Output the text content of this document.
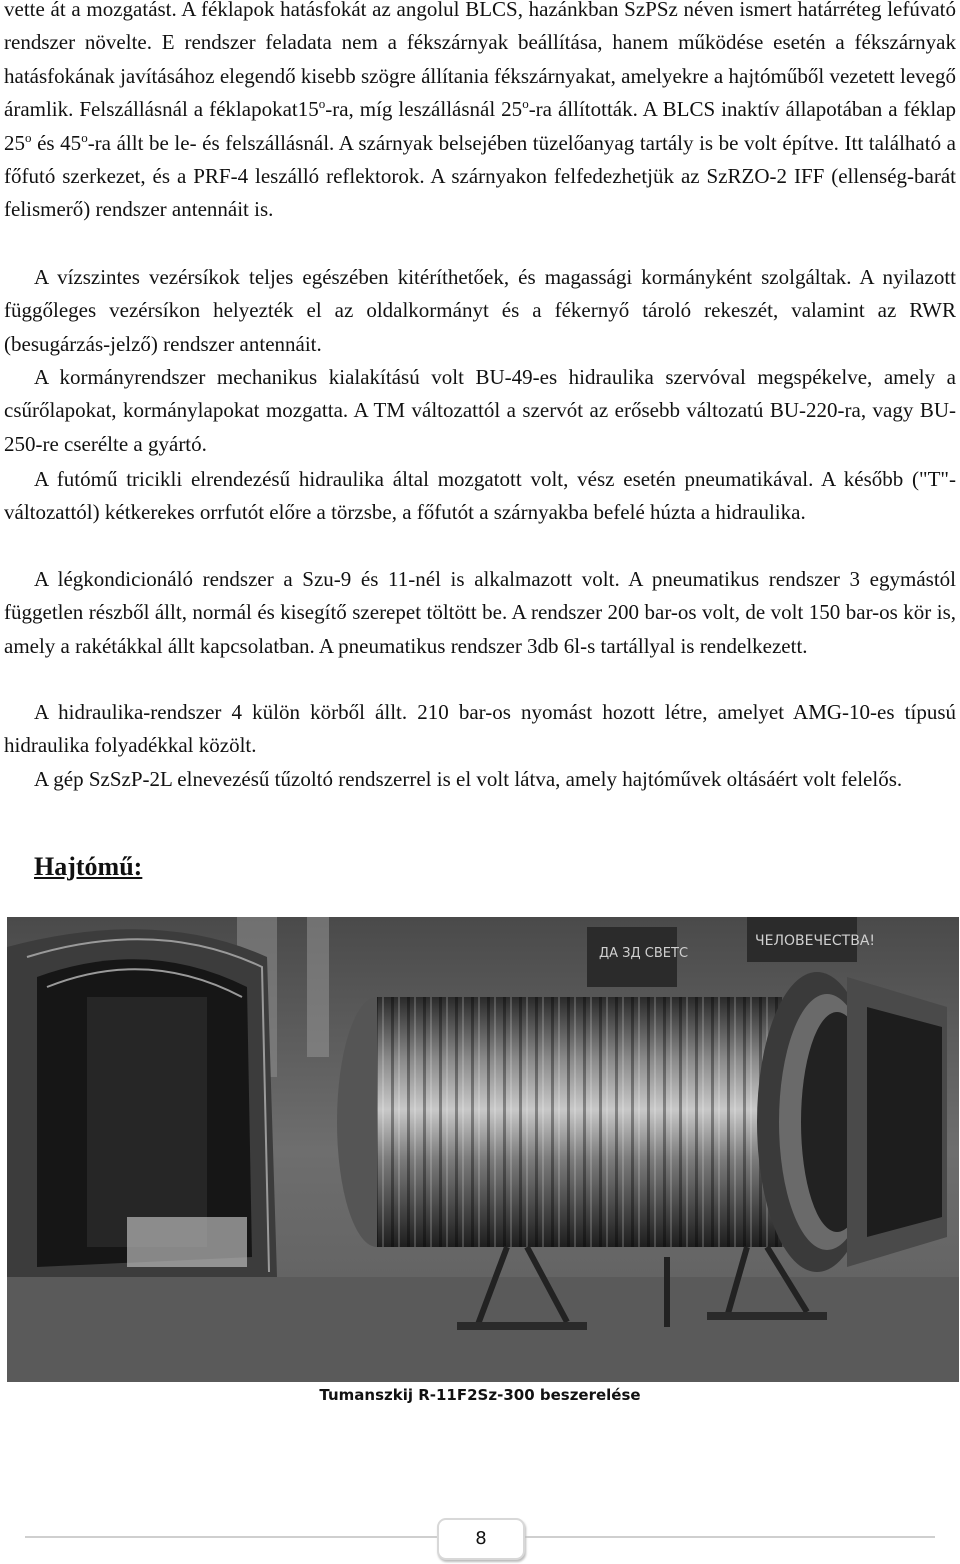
vette át a mozgatást. A féklapok hatásfokát az angolul BLCS, hazánkban SzPSz néven ismert határréteg lefúvató rendszer növelte. E rendszer feladata nem a fékszárnyak beállítása, hanem működése esetén a fékszárnyak hatásfokának javításához elegendő kisebb szögre állítania fékszárnyakat, amelyekre a hajtóműből vezetett levegő áramlik. Felszállásnál a féklapokat15$^o$-ra, míg leszállásnál 25$^o$-ra állították. A BLCS inaktív állapotában a féklap 25$^o$ és 45$^o$-ra állt be le- és felszállásnál. A szárnyak belsejében tüzelőanyag tartály is be volt építve. Itt található a főfutó szerkezet, és a PRF-4 leszálló reflektorok. A szárnyakon felfedezhetjük az SzRZO-2 IFF (ellenség-barát felismerő) rendszer antennáit is.

A vízszintes vezérsíkok teljes egészében kitéríthetőek, és magassági kormányként szolgáltak. A nyilazott függőleges vezérsíkon helyezték el az oldalkormányt és a fékernyő tároló rekeszét, valamint az RWR (besugárzás-jelző) rendszer antennáit.

A kormányrendszer mechanikus kialakítású volt BU-49-es hidraulika szervóval megspékelve, amely a csűrőlapokat, kormánylapokat mozgatta. A TM változattól a szervót az erősebb változatú BU-220-ra, vagy BU-250-re cserélte a gyártó.

A futómű tricikli elrendezésű hidraulika által mozgatott volt, vész esetén pneumatikával. A később ("T"-változattól) kétkerekes orrfutót előre a törzsbe, a főfutót a szárnyakba befelé húzta a hidraulika.

A légkondicionáló rendszer a Szu-9 és 11-nél is alkalmazott volt. A pneumatikus rendszer 3 egymástól független részből állt, normál és kisegítő szerepet töltött be. A rendszer 200 bar-os volt, de volt 150 bar-os kör is, amely a rakétákkal állt kapcsolatban. A pneumatikus rendszer 3db 6l-s tartállyal is rendelkezett.

A hidraulika-rendszer 4 külön körből állt. 210 bar-os nyomást hozott létre, amelyet AMG-10-es típusú hidraulika folyadékkal közölt.

A gép SzSzP-2L elnevezésű tűzoltó rendszerrel is el volt látva, amely hajtóművek oltásáért volt felelős.

Hajtómű:
ДА ЗД СВЕТС
ЧЕЛОВЕЧЕСТВА!
Tumanszkij R-11F2Sz-300 beszerelése
8
